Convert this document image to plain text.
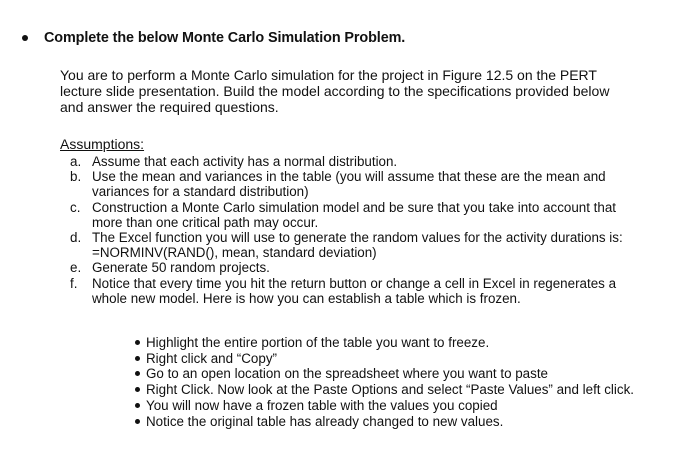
Complete the below Monte Carlo Simulation Problem.
You are to perform a Monte Carlo simulation for the project in Figure 12.5 on the PERT lecture slide presentation. Build the model according to the specifications provided below and answer the required questions.
Assumptions:
a. Assume that each activity has a normal distribution.
b. Use the mean and variances in the table (you will assume that these are the mean and variances for a standard distribution)
c. Construction a Monte Carlo simulation model and be sure that you take into account that more than one critical path may occur.
d. The Excel function you will use to generate the random values for the activity durations is: =NORMINV(RAND(), mean, standard deviation)
e. Generate 50 random projects.
f.	Notice that every time you hit the return button or change a cell in Excel in regenerates a whole new model. Here is how you can establish a table which is frozen.
Highlight the entire portion of the table you want to freeze.
Right click and “Copy”
Go to an open location on the spreadsheet where you want to paste
Right Click. Now look at the Paste Options and select “Paste Values” and left click.
You will now have a frozen table with the values you copied
Notice the original table has already changed to new values.
